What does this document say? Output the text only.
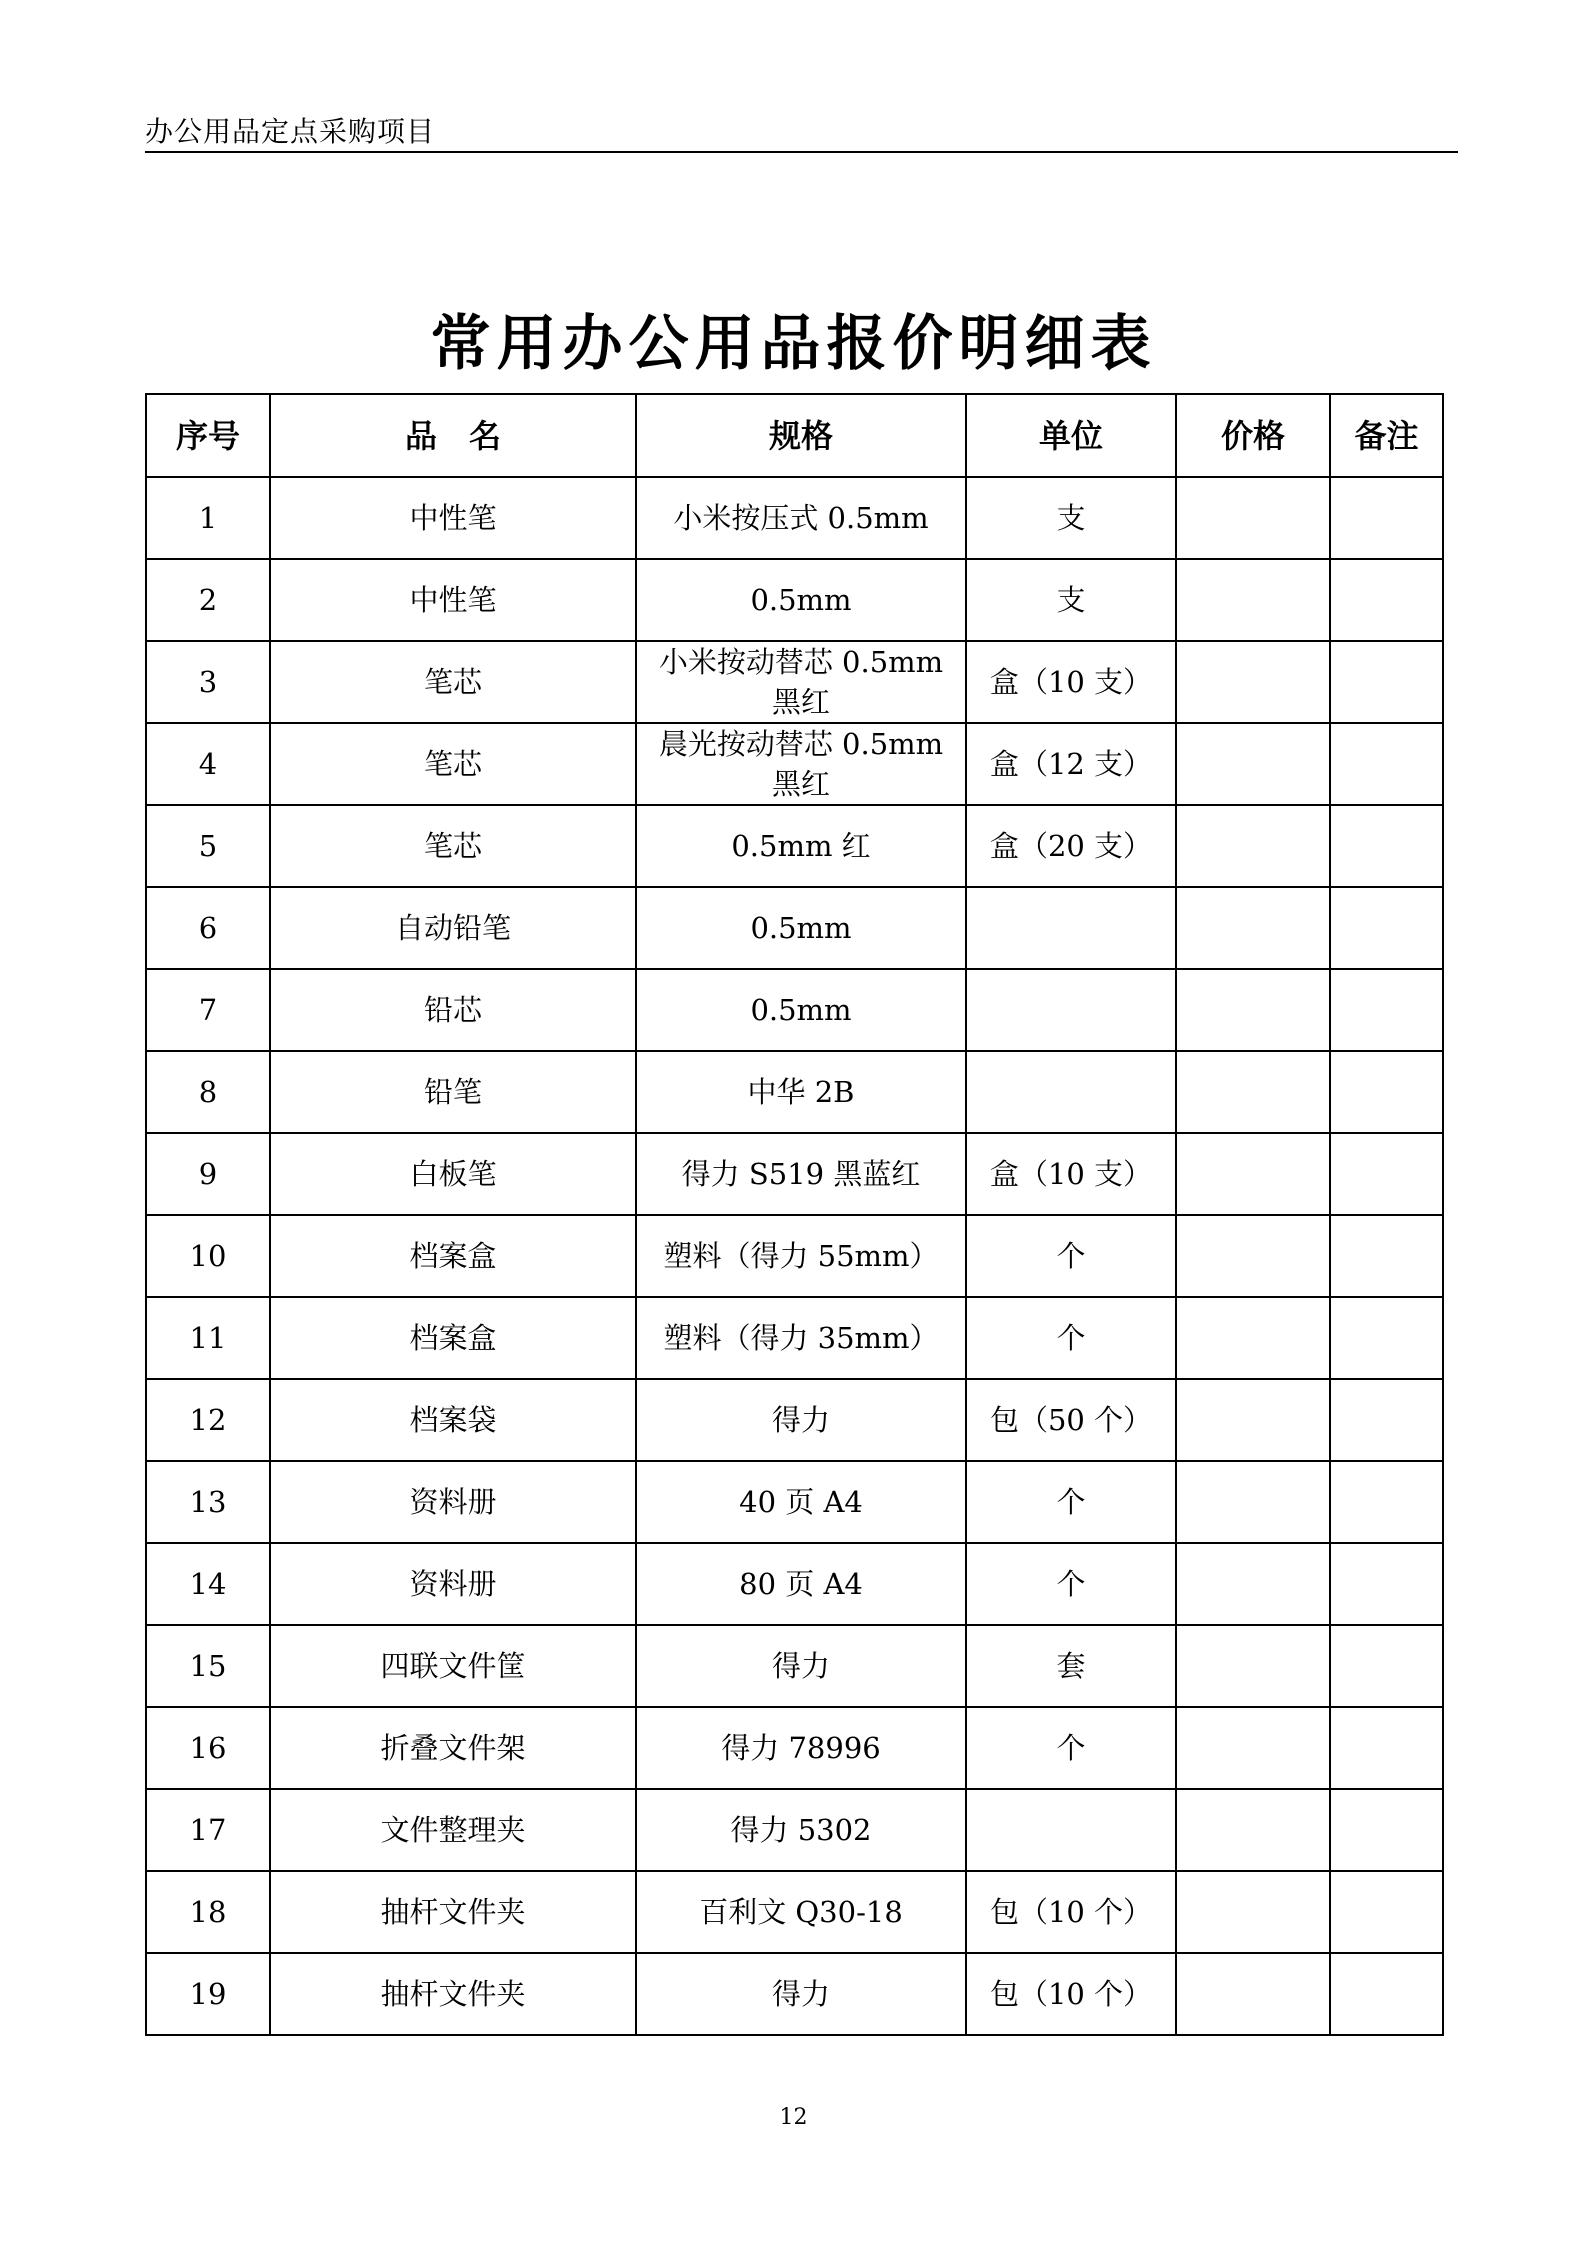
办公用品定点采购项目
常用办公用品报价明细表
序号	品　名	规格	单位	价格	备注
1	中性笔	小米按压式 0.5mm	支		
2	中性笔	0.5mm	支		
3	笔芯	小米按动替芯 0.5mm 黑红	盒（10 支）		
4	笔芯	晨光按动替芯 0.5mm 黑红	盒（12 支）		
5	笔芯	0.5mm 红	盒（20 支）		
6	自动铅笔	0.5mm			
7	铅芯	0.5mm			
8	铅笔	中华 2B			
9	白板笔	得力 S519 黑蓝红	盒（10 支）		
10	档案盒	塑料（得力 55mm）	个		
11	档案盒	塑料（得力 35mm）	个		
12	档案袋	得力	包（50 个）		
13	资料册	40 页 A4	个		
14	资料册	80 页 A4	个		
15	四联文件筐	得力	套		
16	折叠文件架	得力 78996	个		
17	文件整理夹	得力 5302			
18	抽杆文件夹	百利文 Q30-18	包（10 个）		
19	抽杆文件夹	得力	包（10 个）		
12
